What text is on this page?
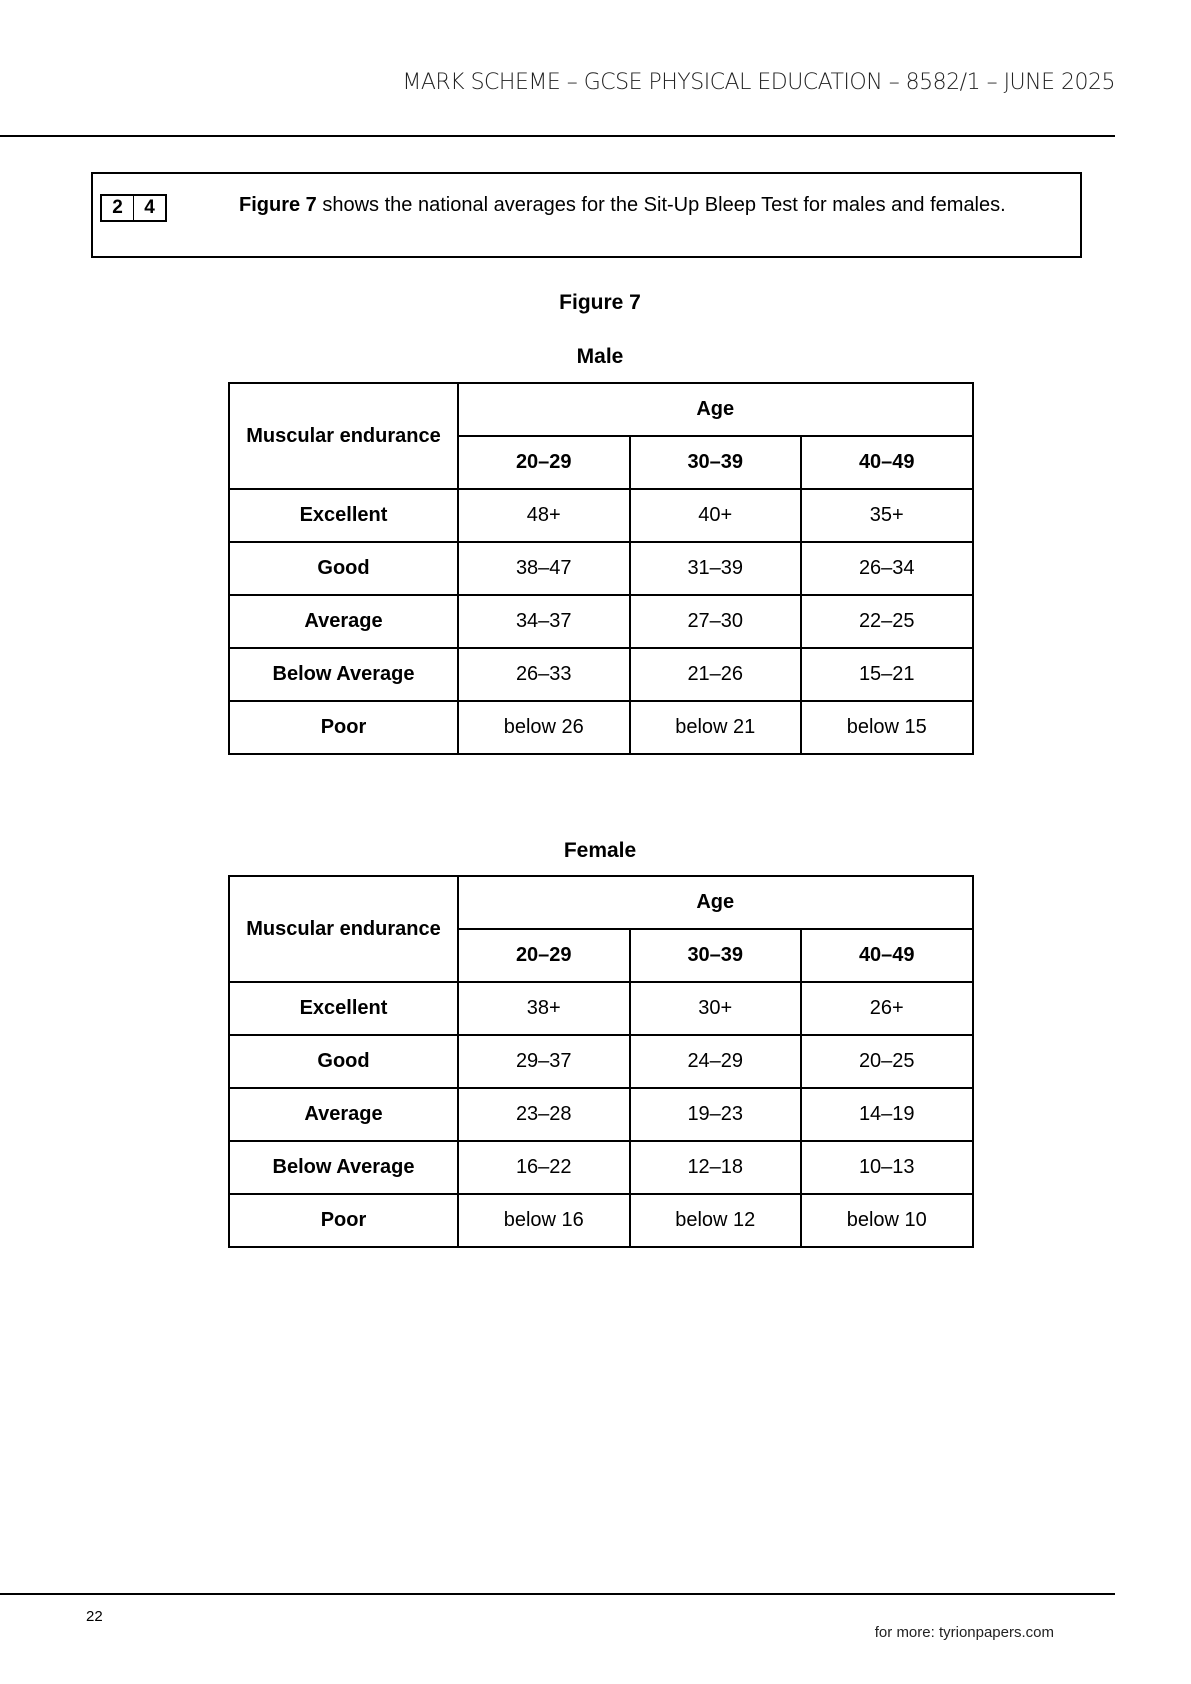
MARK SCHEME – GCSE PHYSICAL EDUCATION – 8582/1 – JUNE 2025
2	4	Figure 7 shows the national averages for the Sit-Up Bleep Test for males and females.
Figure 7
Male
Muscular endurance	Age		
	20–29	30–39	40–49
Excellent	48+	40+	35+
Good	38–47	31–39	26–34
Average	34–37	27–30	22–25
Below Average	26–33	21–26	15–21
Poor	below 26	below 21	below 15
Female
Muscular endurance	Age		
	20–29	30–39	40–49
Excellent	38+	30+	26+
Good	29–37	24–29	20–25
Average	23–28	19–23	14–19
Below Average	16–22	12–18	10–13
Poor	below 16	below 12	below 10
22
for more: tyrionpapers.com
